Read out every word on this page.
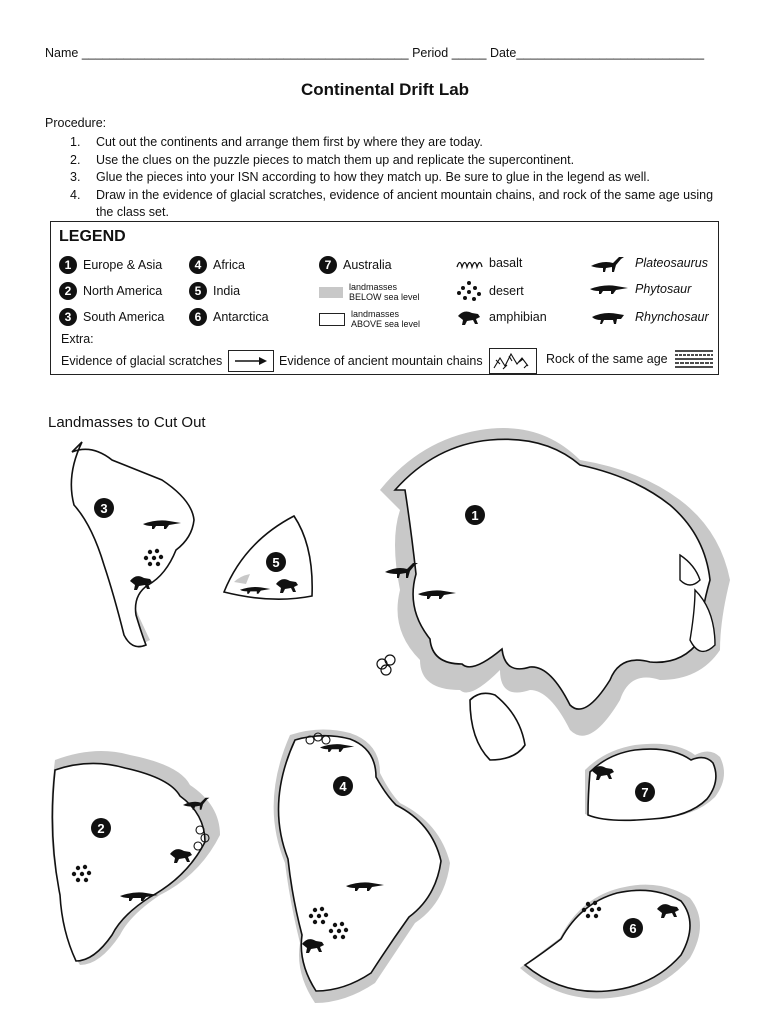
Name _______________________________________________ Period _____ Date___________________________
Continental Drift Lab
Procedure:
1.	Cut out the continents and arrange them first by where they are today.
2.	Use the clues on the puzzle pieces to match them up and replicate the supercontinent.
3.	Glue the pieces into your ISN according to how they match up. Be sure to glue in the legend as well.
4.	Draw in the evidence of glacial scratches, evidence of ancient mountain chains, and rock of the same age using the class set.
LEGEND
1 Europe & Asia
2 North America
3 South America
4 Africa
5 India
6 Antarctica
7 Australia
landmasses BELOW sea level
landmasses ABOVE sea level
basalt
desert
amphibian
Plateosaurus
Phytosaur
Rhynchosaur
Extra:
Evidence of glacial scratches	Evidence of ancient mountain chains	Rock of the same age
Landmasses to Cut Out
1
2
4	7
6
3
5
